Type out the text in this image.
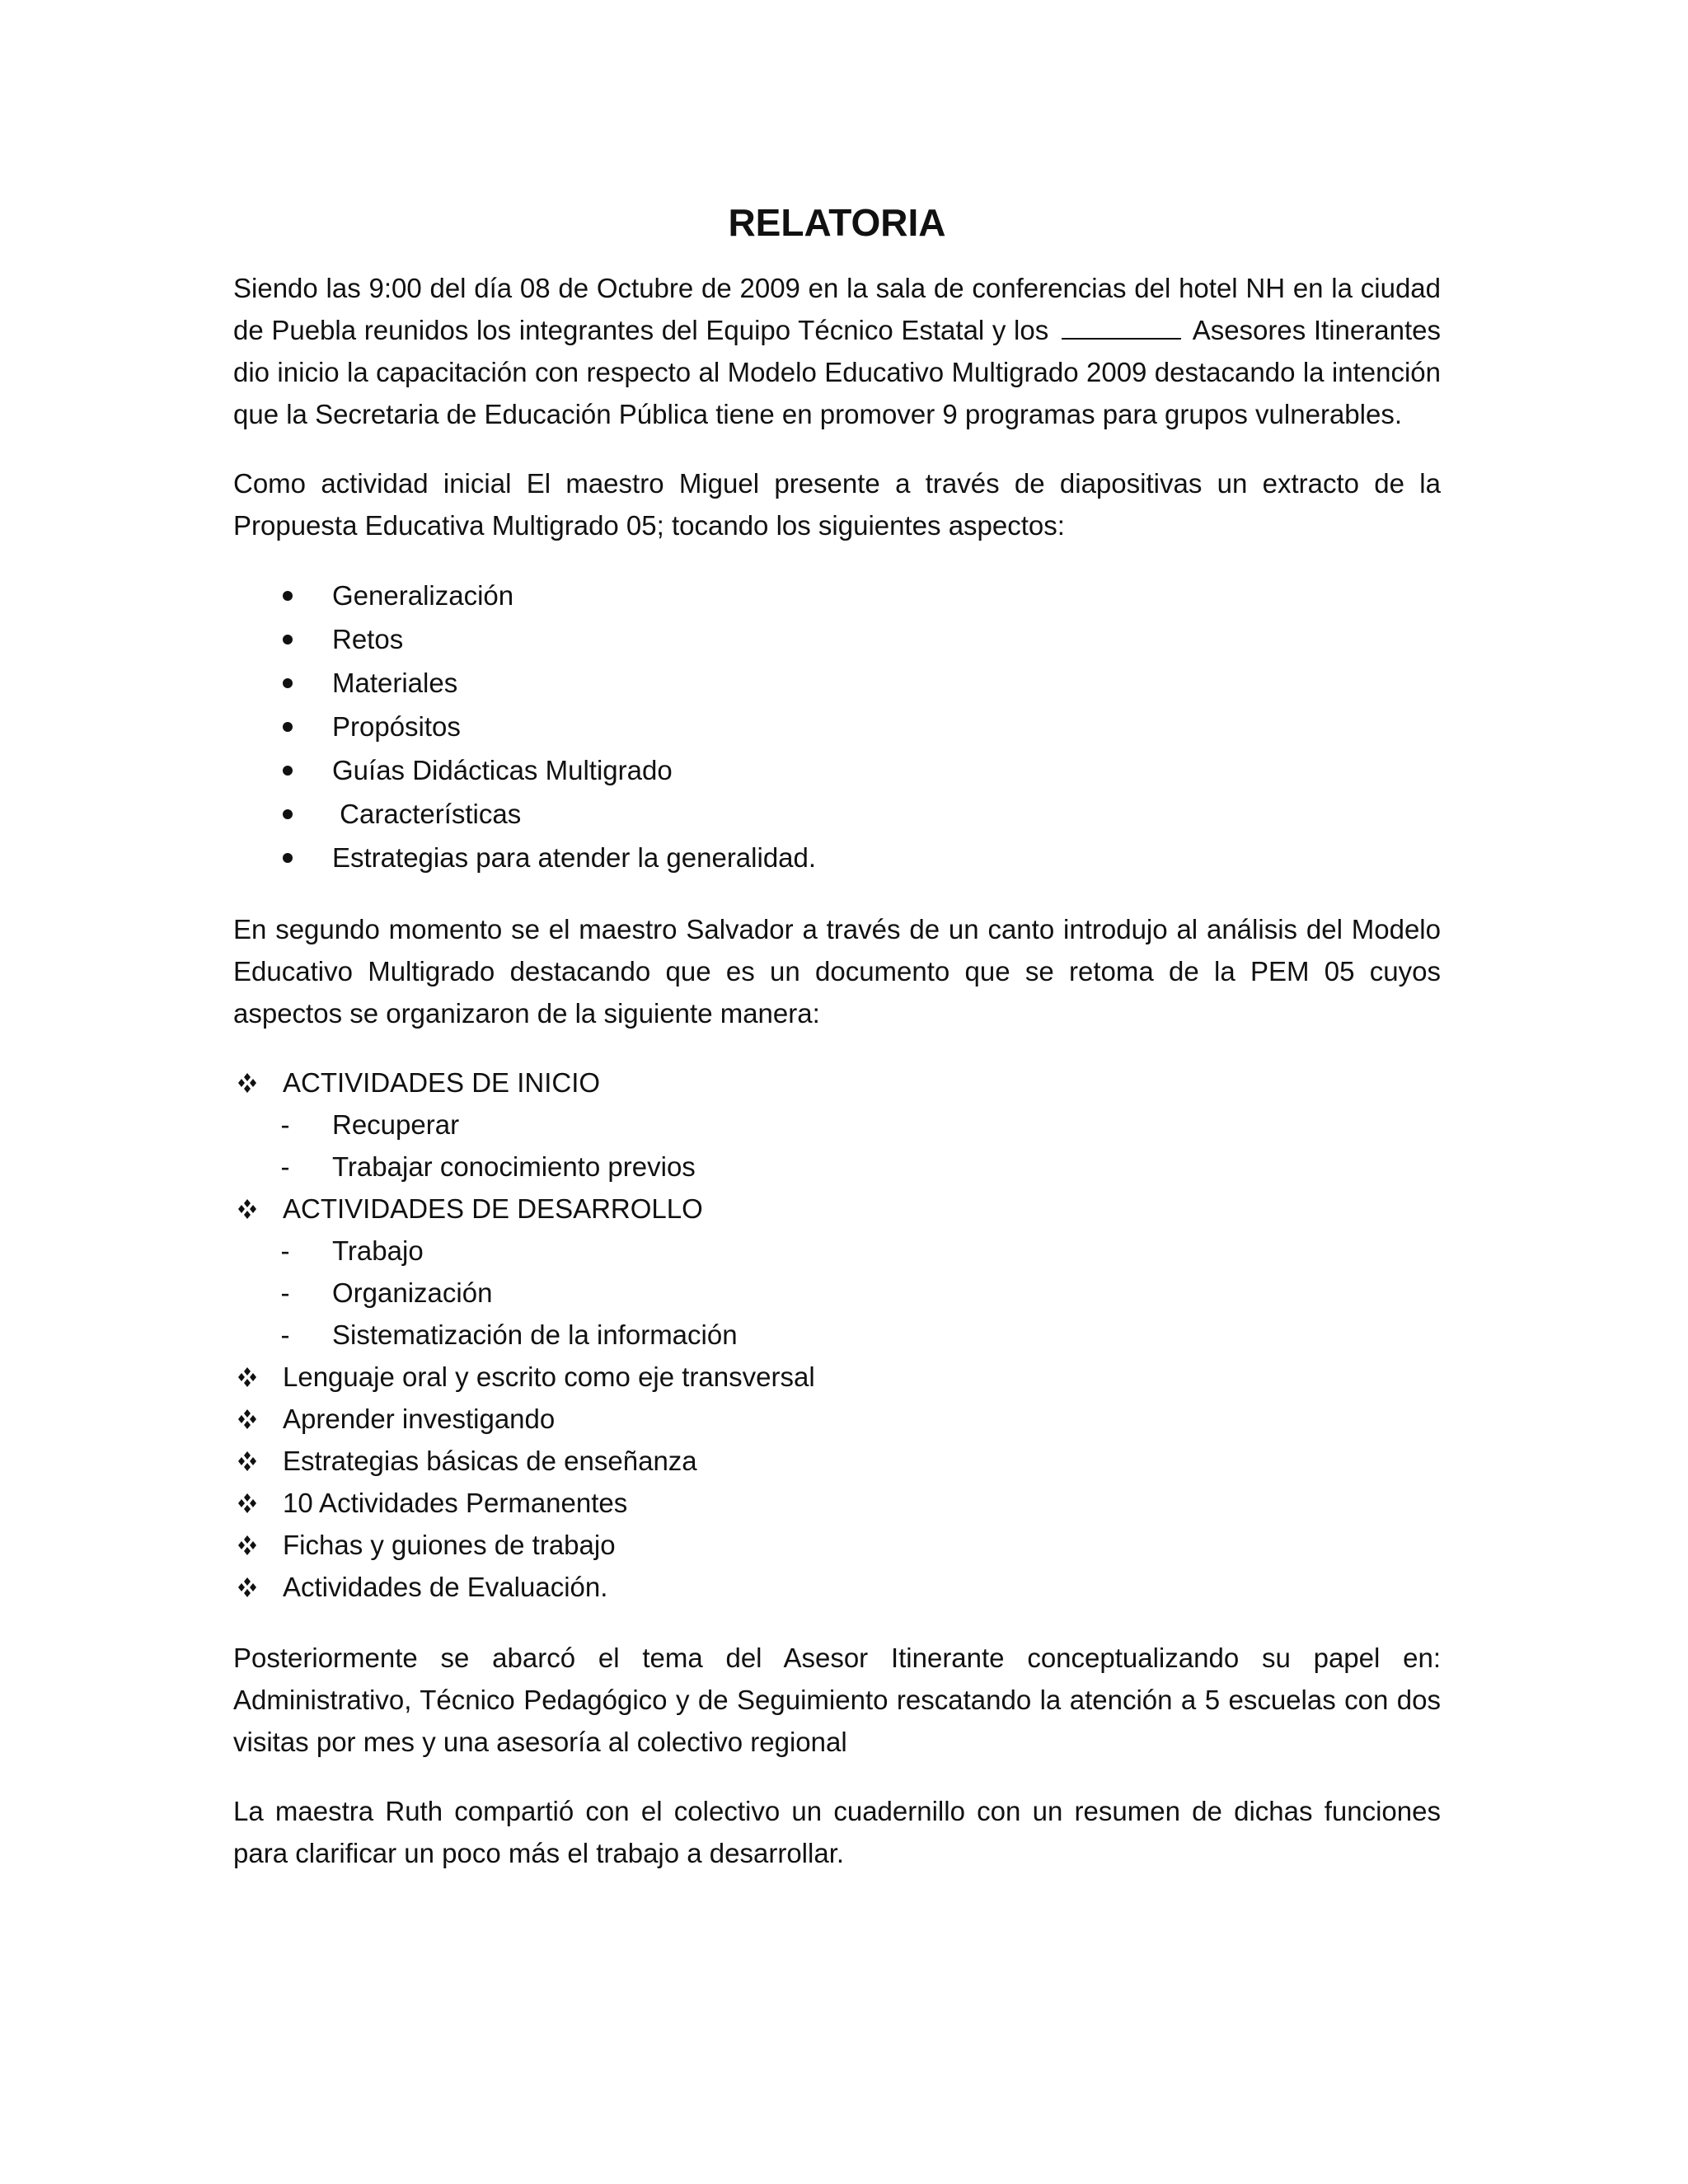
RELATORIA

Siendo las 9:00 del día 08 de Octubre de 2009 en la sala de conferencias del hotel NH en la ciudad de Puebla reunidos los integrantes del Equipo Técnico Estatal y los	Asesores Itinerantes dio inicio la capacitación con respecto al Modelo Educativo Multigrado 2009 destacando la intención que la Secretaria de Educación Pública tiene en promover 9 programas para grupos vulnerables.

Como actividad inicial El maestro Miguel presente a través de diapositivas un extracto de la Propuesta Educativa Multigrado 05; tocando los siguientes aspectos:

Generalización
Retos
Materiales
Propósitos
Guías Didácticas Multigrado
Características
Estrategias para atender la generalidad.

En segundo momento se el maestro Salvador a través de un canto introdujo al análisis del Modelo Educativo Multigrado destacando que es un documento que se retoma de la PEM 05 cuyos aspectos se organizaron de la siguiente manera:

ACTIVIDADES DE INICIO
- Recuperar
- Trabajar conocimiento previos
ACTIVIDADES DE DESARROLLO
- Trabajo
- Organización
- Sistematización de la información
Lenguaje oral y escrito como eje transversal
Aprender investigando
Estrategias básicas de enseñanza
10 Actividades Permanentes
Fichas y guiones de trabajo
Actividades de Evaluación.

Posteriormente se abarcó el tema del Asesor Itinerante conceptualizando su papel en: Administrativo, Técnico Pedagógico y de Seguimiento rescatando la atención a 5 escuelas con dos visitas por mes y una asesoría al colectivo regional

La maestra Ruth compartió con el colectivo un cuadernillo con un resumen de dichas funciones para clarificar un poco más el trabajo a desarrollar.
